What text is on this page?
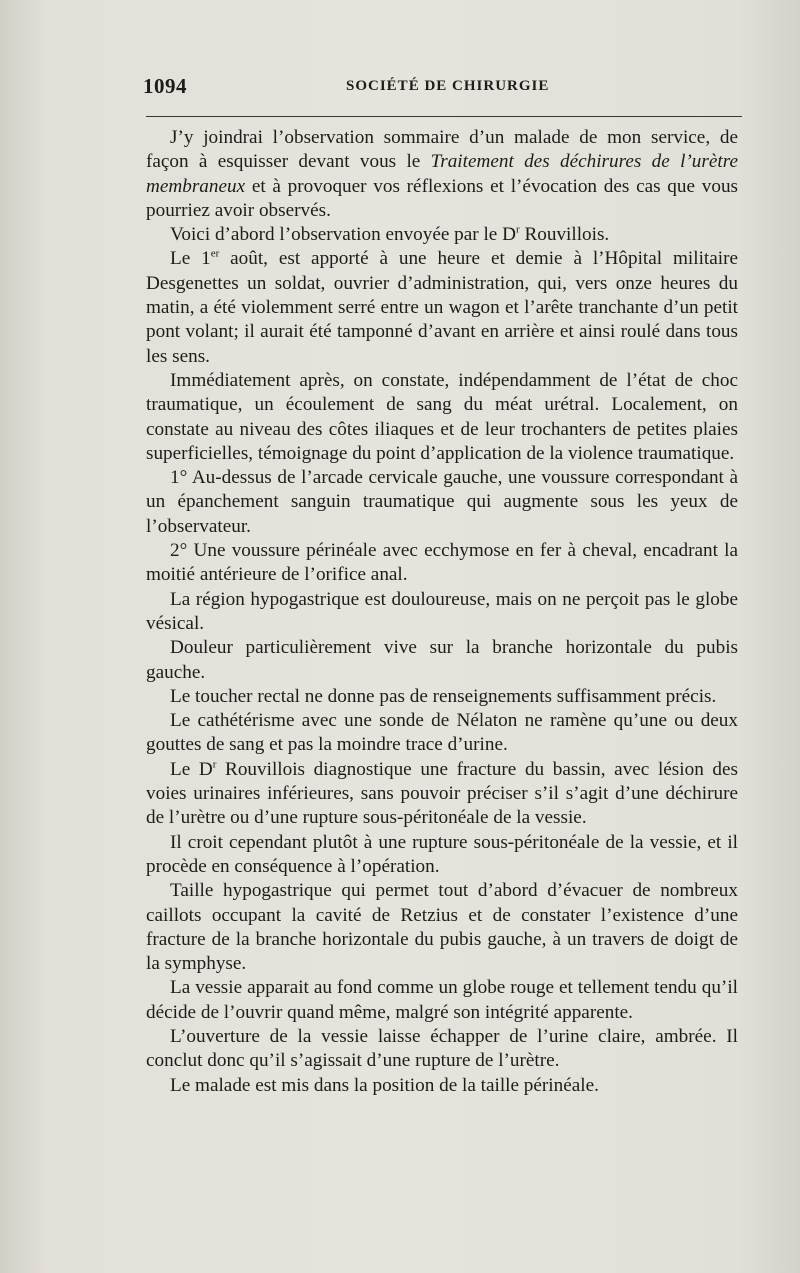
1094	SOCIÉTÉ DE CHIRURGIE

J’y joindrai l’observation sommaire d’un malade de mon service, de façon à esquisser devant vous le Traitement des déchirures de l’urètre membraneux et à provoquer vos réflexions et l’évocation des cas que vous pourriez avoir observés.

Voici d’abord l’observation envoyée par le $D^r$ Rouvillois.

Le 1er août, est apporté à une heure et demie à l’Hôpital militaire Desgenettes un soldat, ouvrier d’administration, qui, vers onze heures du matin, a été violemment serré entre un wagon et l’arête tranchante d’un petit pont volant; il aurait été tamponné d’avant en arrière et ainsi roulé dans tous les sens.

Immédiatement après, on constate, indépendamment de l’état de choc traumatique, un écoulement de sang du méat urétral. Localement, on constate au niveau des côtes iliaques et de leur trochanters de petites plaies superficielles, témoignage du point d’application de la violence traumatique.

1° Au-dessus de l’arcade cervicale gauche, une voussure correspondant à un épanchement sanguin traumatique qui augmente sous les yeux de l’observateur.

2° Une voussure périnéale avec ecchymose en fer à cheval, encadrant la moitié antérieure de l’orifice anal.

La région hypogastrique est douloureuse, mais on ne perçoit pas le globe vésical.

Douleur particulièrement vive sur la branche horizontale du pubis gauche.

Le toucher rectal ne donne pas de renseignements suffisamment précis.

Le cathétérisme avec une sonde de Nélaton ne ramène qu’une ou deux gouttes de sang et pas la moindre trace d’urine.

Le $D^r$ Rouvillois diagnostique une fracture du bassin, avec lésion des voies urinaires inférieures, sans pouvoir préciser s’il s’agit d’une déchirure de l’urètre ou d’une rupture sous-péritonéale de la vessie.

Il croit cependant plutôt à une rupture sous-péritonéale de la vessie, et il procède en conséquence à l’opération.

Taille hypogastrique qui permet tout d’abord d’évacuer de nombreux caillots occupant la cavité de Retzius et de constater l’existence d’une fracture de la branche horizontale du pubis gauche, à un travers de doigt de la symphyse.

La vessie apparait au fond comme un globe rouge et tellement tendu qu’il décide de l’ouvrir quand même, malgré son intégrité apparente.

L’ouverture de la vessie laisse échapper de l’urine claire, ambrée. Il conclut donc qu’il s’agissait d’une rupture de l’urètre.

Le malade est mis dans la position de la taille périnéale.
